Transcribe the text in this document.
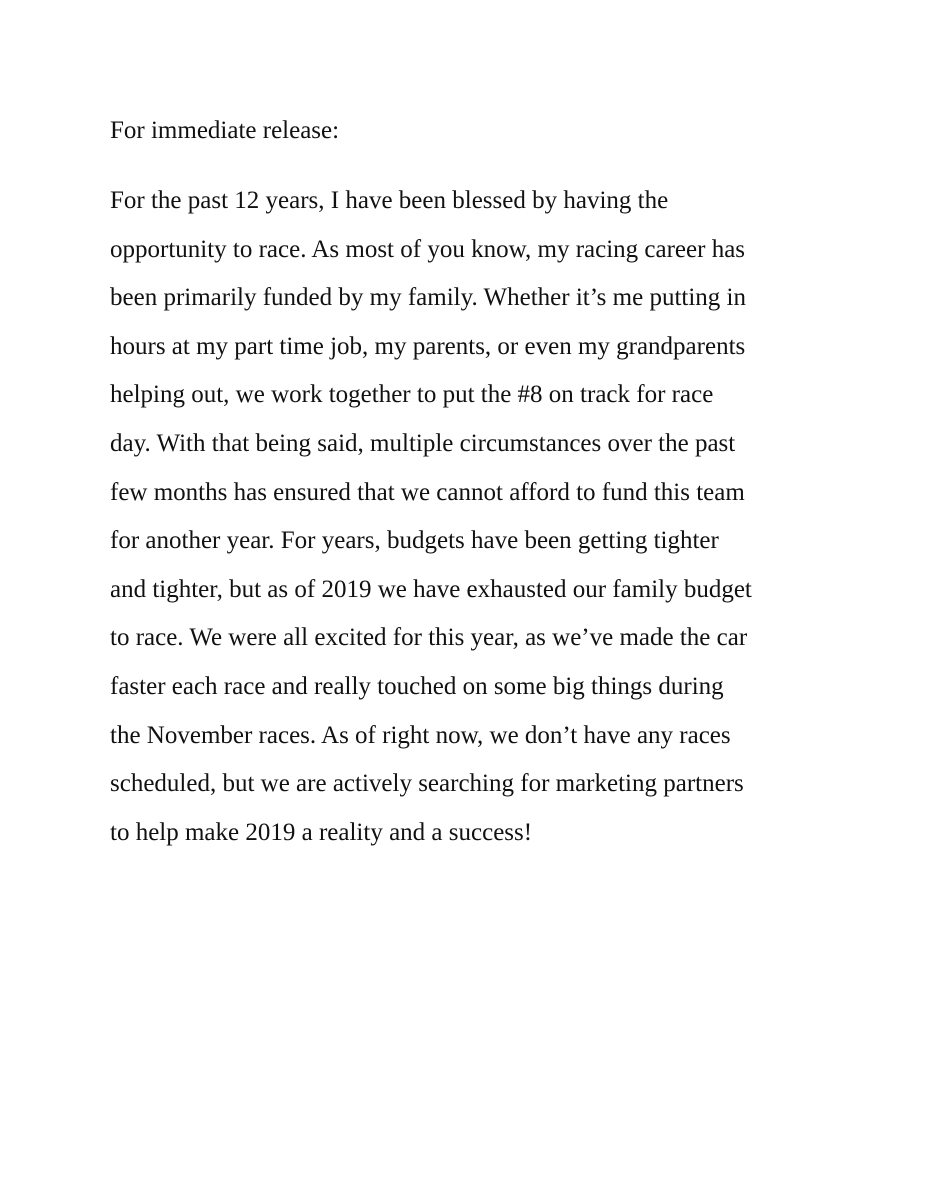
For immediate release:
For the past 12 years, I have been blessed by having the
opportunity to race. As most of you know, my racing career has
been primarily funded by my family. Whether it’s me putting in
hours at my part time job, my parents, or even my grandparents
helping out, we work together to put the #8 on track for race
day. With that being said, multiple circumstances over the past
few months has ensured that we cannot afford to fund this team
for another year. For years, budgets have been getting tighter
and tighter, but as of 2019 we have exhausted our family budget
to race. We were all excited for this year, as we’ve made the car
faster each race and really touched on some big things during
the November races. As of right now, we don’t have any races
scheduled, but we are actively searching for marketing partners
to help make 2019 a reality and a success!
